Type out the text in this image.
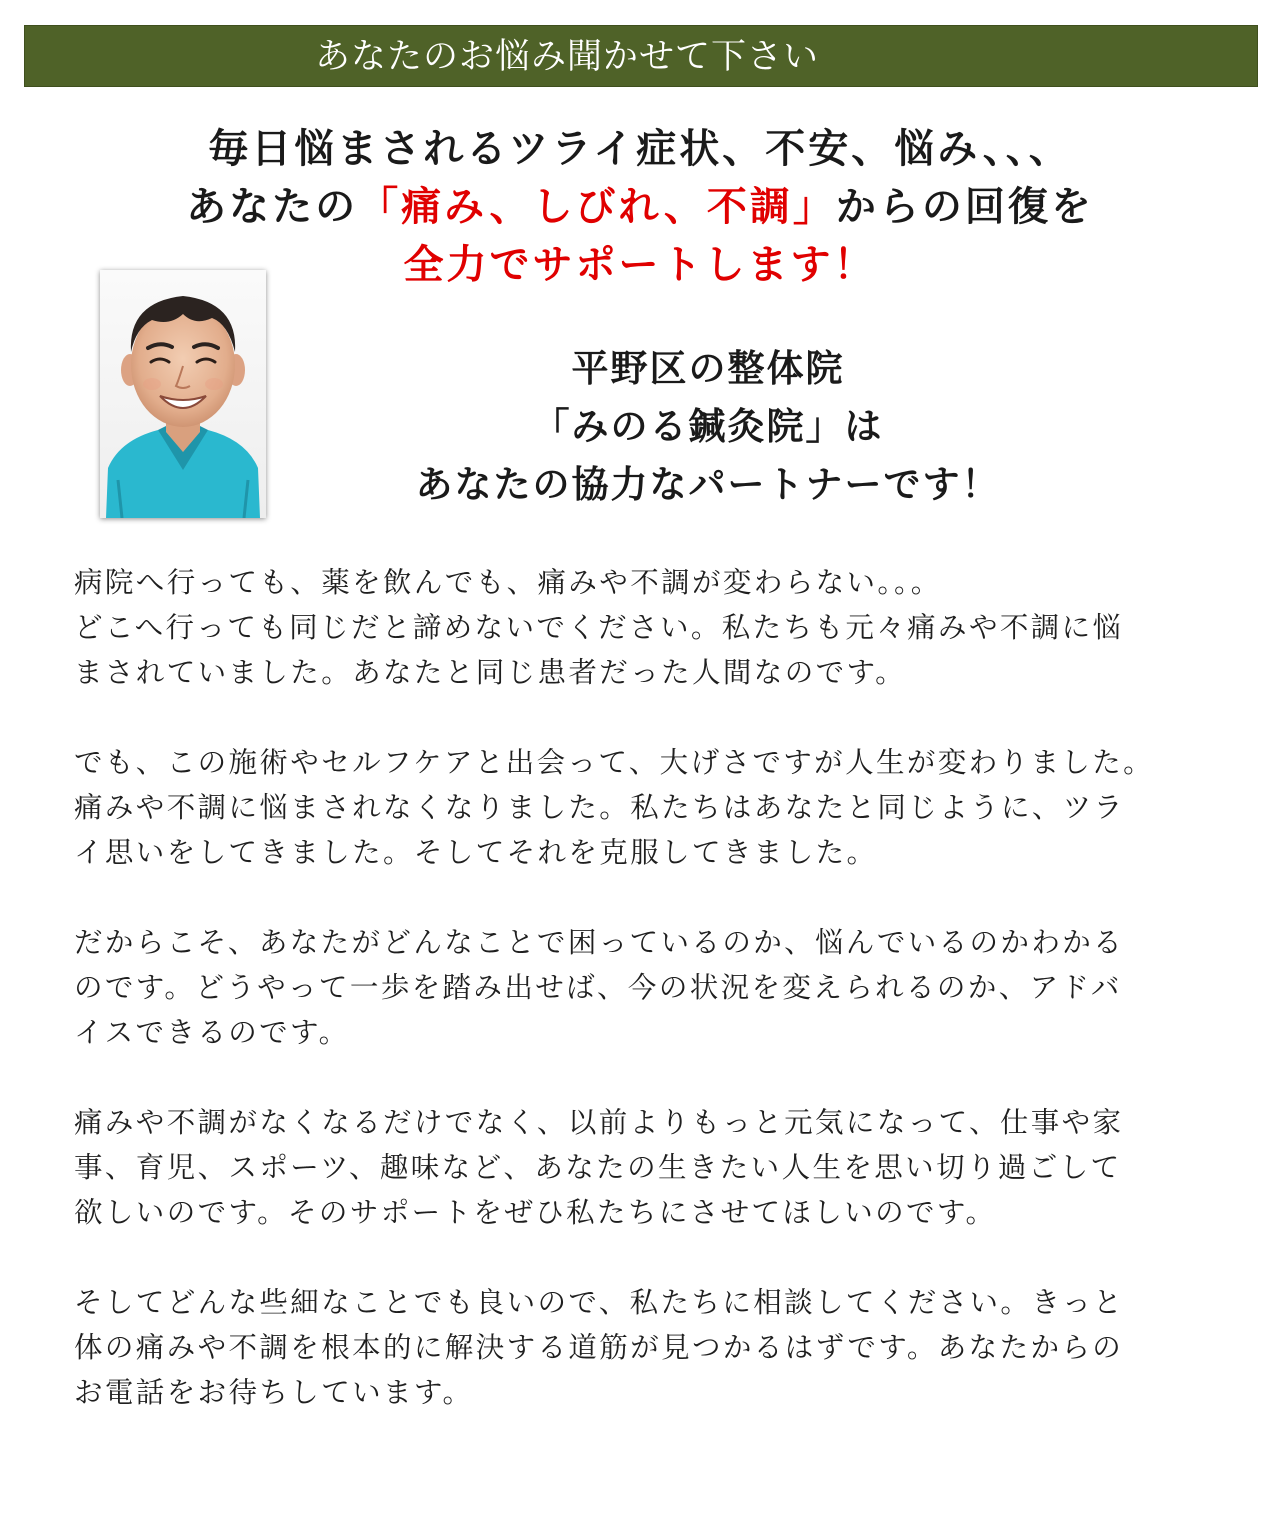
あなたのお悩み聞かせて下さい
毎日悩まされるツライ症状、不安、悩み、、、
あなたの「痛み、しびれ、不調」からの回復を
全力でサポートします！
平野区の整体院
「みのる鍼灸院」は
あなたの協力なパートナーです！

病院へ行っても、薬を飲んでも、痛みや不調が変わらない。。。
どこへ行っても同じだと諦めないでください。私たちも元々痛みや不調に悩
まされていました。あなたと同じ患者だった人間なのです。

でも、この施術やセルフケアと出会って、大げさですが人生が変わりました。
痛みや不調に悩まされなくなりました。私たちはあなたと同じように、ツラ
イ思いをしてきました。そしてそれを克服してきました。

だからこそ、あなたがどんなことで困っているのか、悩んでいるのかわかる
のです。どうやって一歩を踏み出せば、今の状況を変えられるのか、アドバ
イスできるのです。

痛みや不調がなくなるだけでなく、以前よりもっと元気になって、仕事や家
事、育児、スポーツ、趣味など、あなたの生きたい人生を思い切り過ごして
欲しいのです。そのサポートをぜひ私たちにさせてほしいのです。

そしてどんな些細なことでも良いので、私たちに相談してください。きっと
体の痛みや不調を根本的に解決する道筋が見つかるはずです。あなたからの
お電話をお待ちしています。
